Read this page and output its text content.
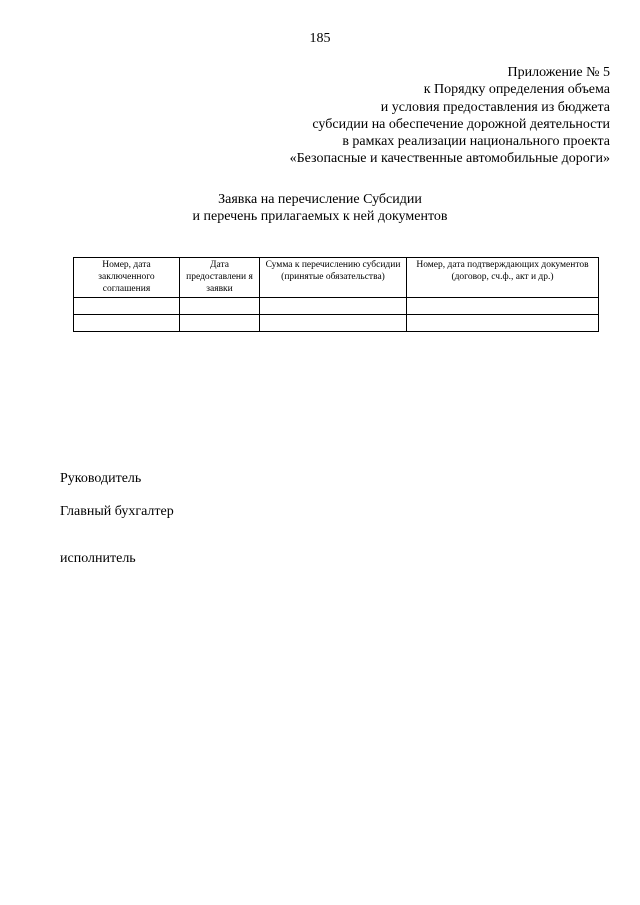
185
Приложение № 5
к Порядку определения объема
и условия предоставления из бюджета
субсидии на обеспечение дорожной деятельности
в рамках реализации национального проекта
«Безопасные и качественные автомобильные дороги»
Заявка на перечисление Субсидии
и перечень прилагаемых к ней документов
Номер, дата заключенного соглашения	Дата предоставлени я заявки	Сумма к перечислению субсидии (принятые обязательства)	Номер, дата подтверждающих документов (договор, сч.ф., акт и др.)

Руководитель
Главный бухгалтер
исполнитель
